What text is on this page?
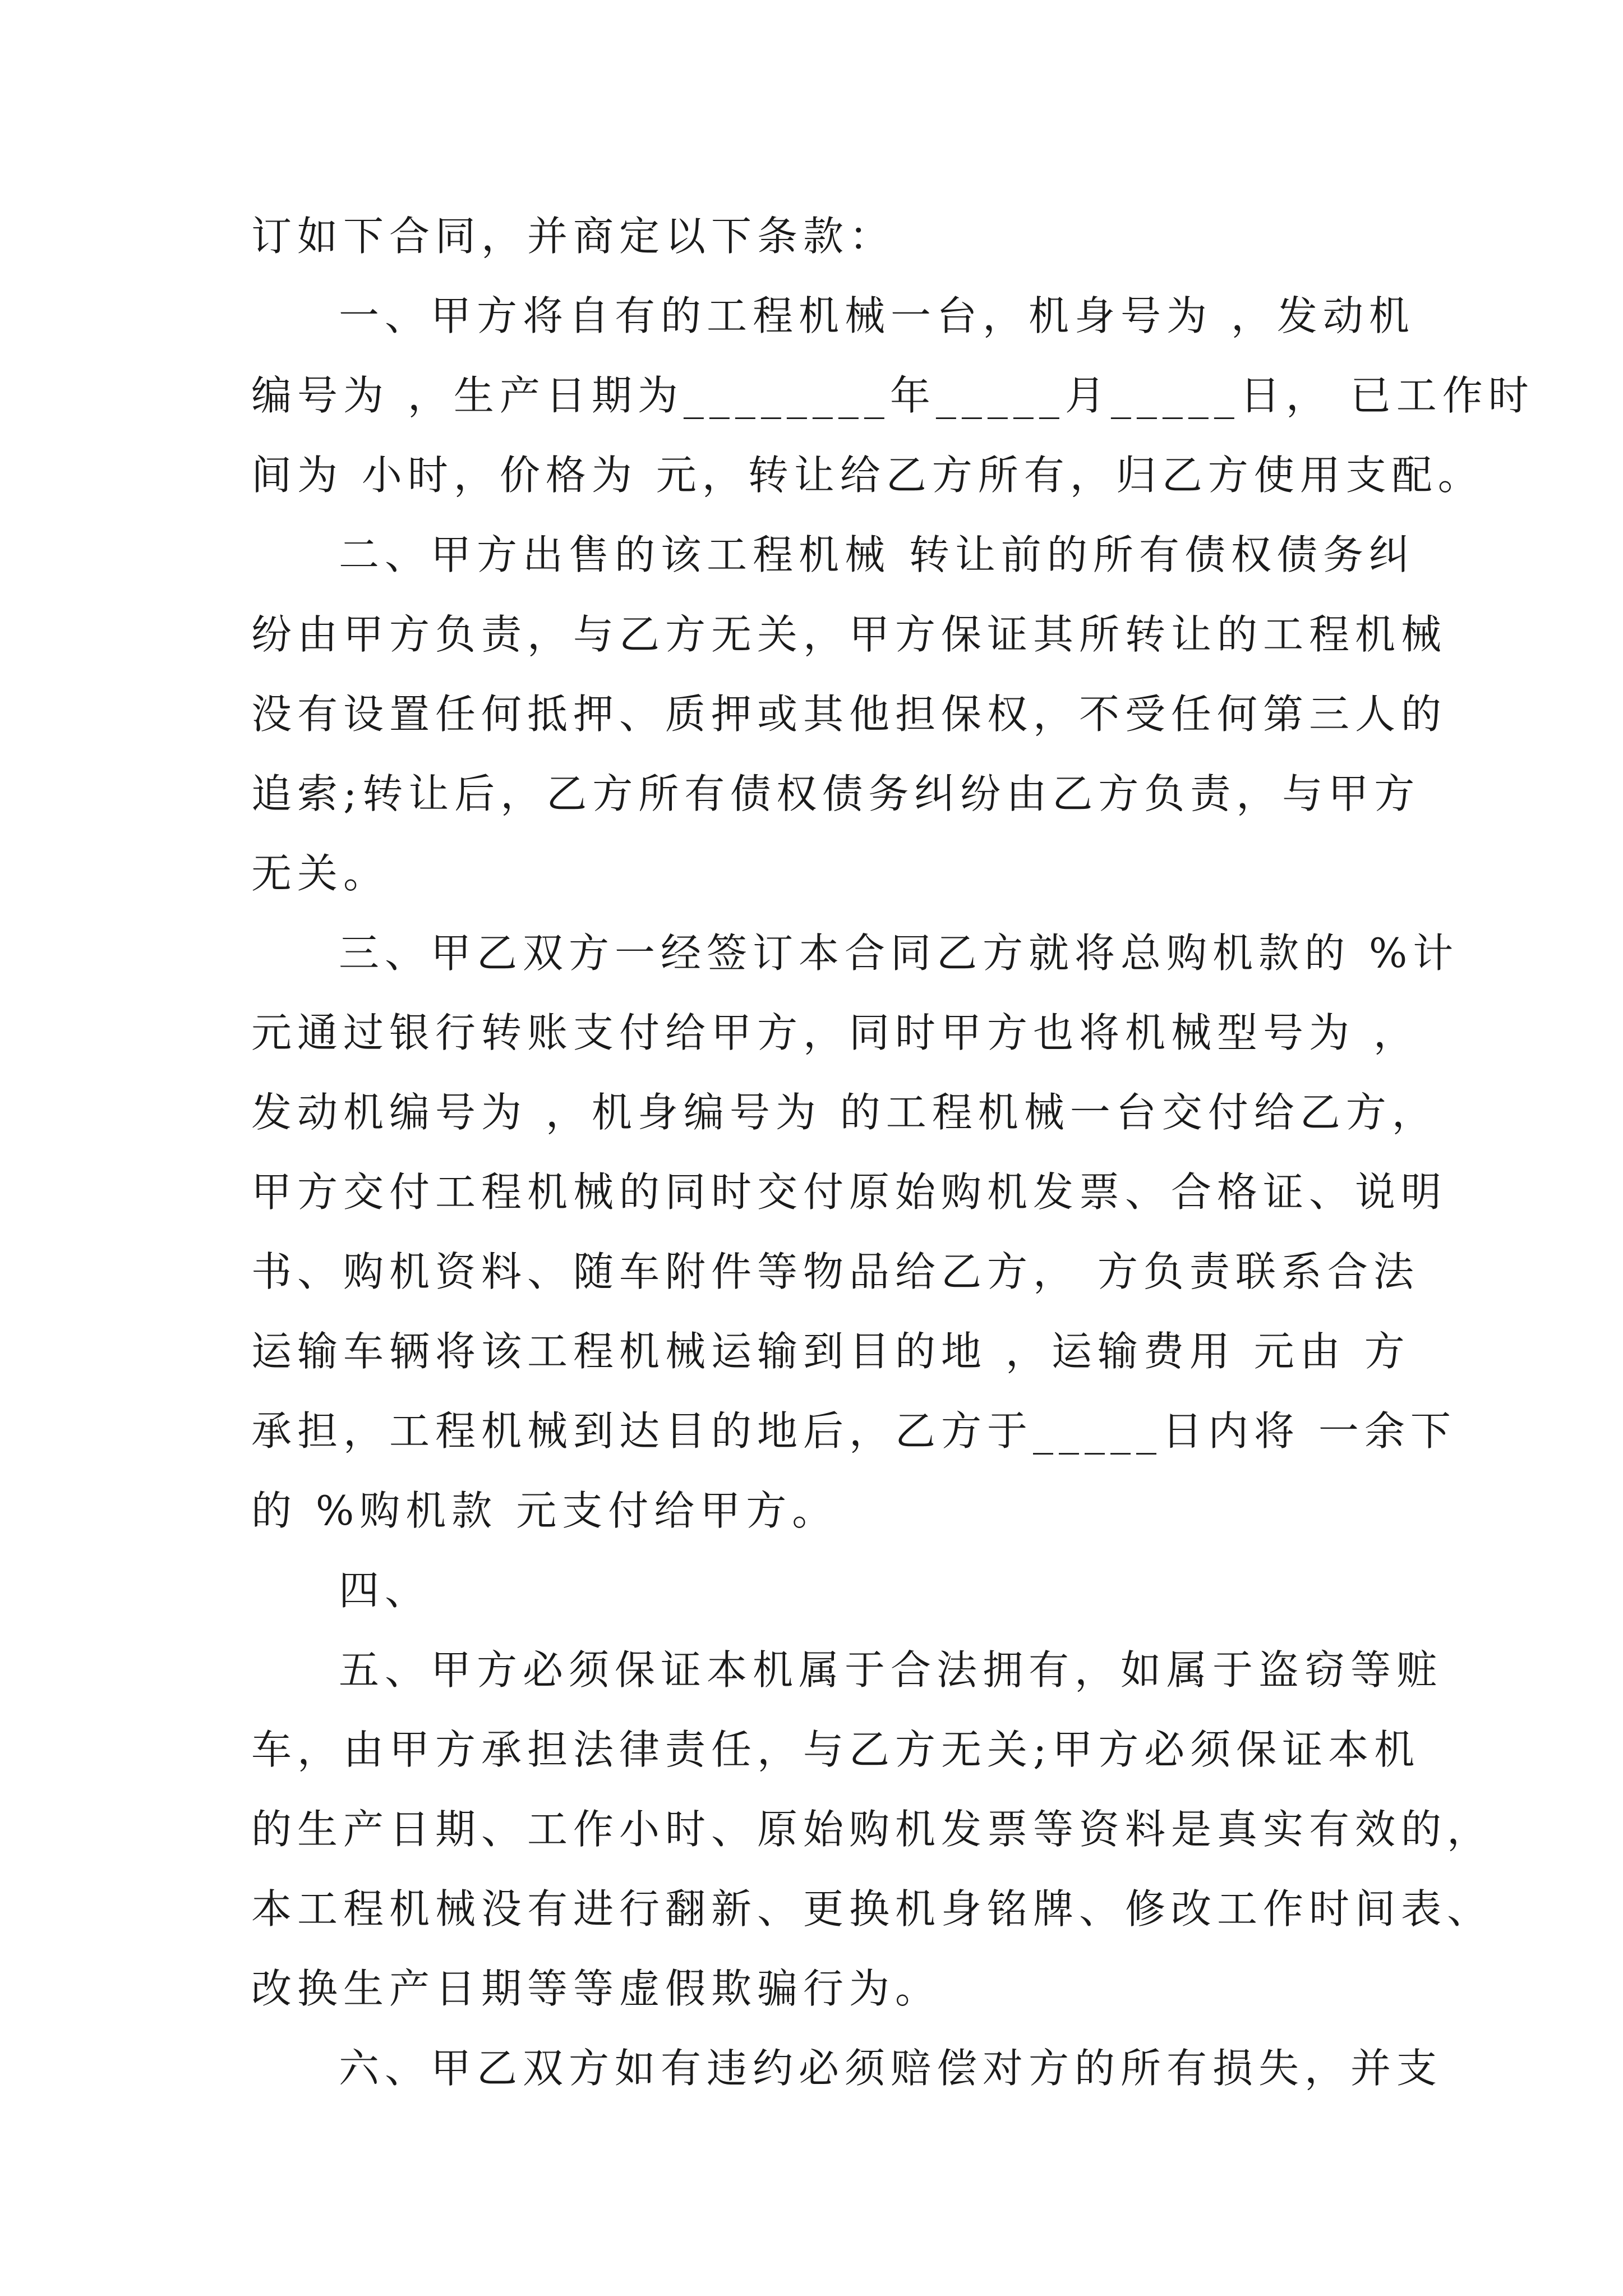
订如下合同，并商定以下条款：
一、甲方将自有的工程机械一台，机身号为 ，发动机
编号为 ，生产日期为________年_____月_____日， 已工作时
间为 小时，价格为 元，转让给乙方所有，归乙方使用支配。
二、甲方出售的该工程机械 转让前的所有债权债务纠
纷由甲方负责，与乙方无关，甲方保证其所转让的工程机械
没有设置任何抵押、质押或其他担保权，不受任何第三人的
追索;转让后，乙方所有债权债务纠纷由乙方负责，与甲方
无关。
三、甲乙双方一经签订本合同乙方就将总购机款的 %计
元通过银行转账支付给甲方，同时甲方也将机械型号为 ，
发动机编号为 ，机身编号为 的工程机械一台交付给乙方，
甲方交付工程机械的同时交付原始购机发票、合格证、说明
书、购机资料、随车附件等物品给乙方， 方负责联系合法
运输车辆将该工程机械运输到目的地 ，运输费用 元由 方
承担，工程机械到达目的地后，乙方于_____日内将 一余下
的 %购机款 元支付给甲方。
四、
五、甲方必须保证本机属于合法拥有，如属于盗窃等赃
车，由甲方承担法律责任，与乙方无关;甲方必须保证本机
的生产日期、工作小时、原始购机发票等资料是真实有效的，
本工程机械没有进行翻新、更换机身铭牌、修改工作时间表、
改换生产日期等等虚假欺骗行为。
六、甲乙双方如有违约必须赔偿对方的所有损失，并支
